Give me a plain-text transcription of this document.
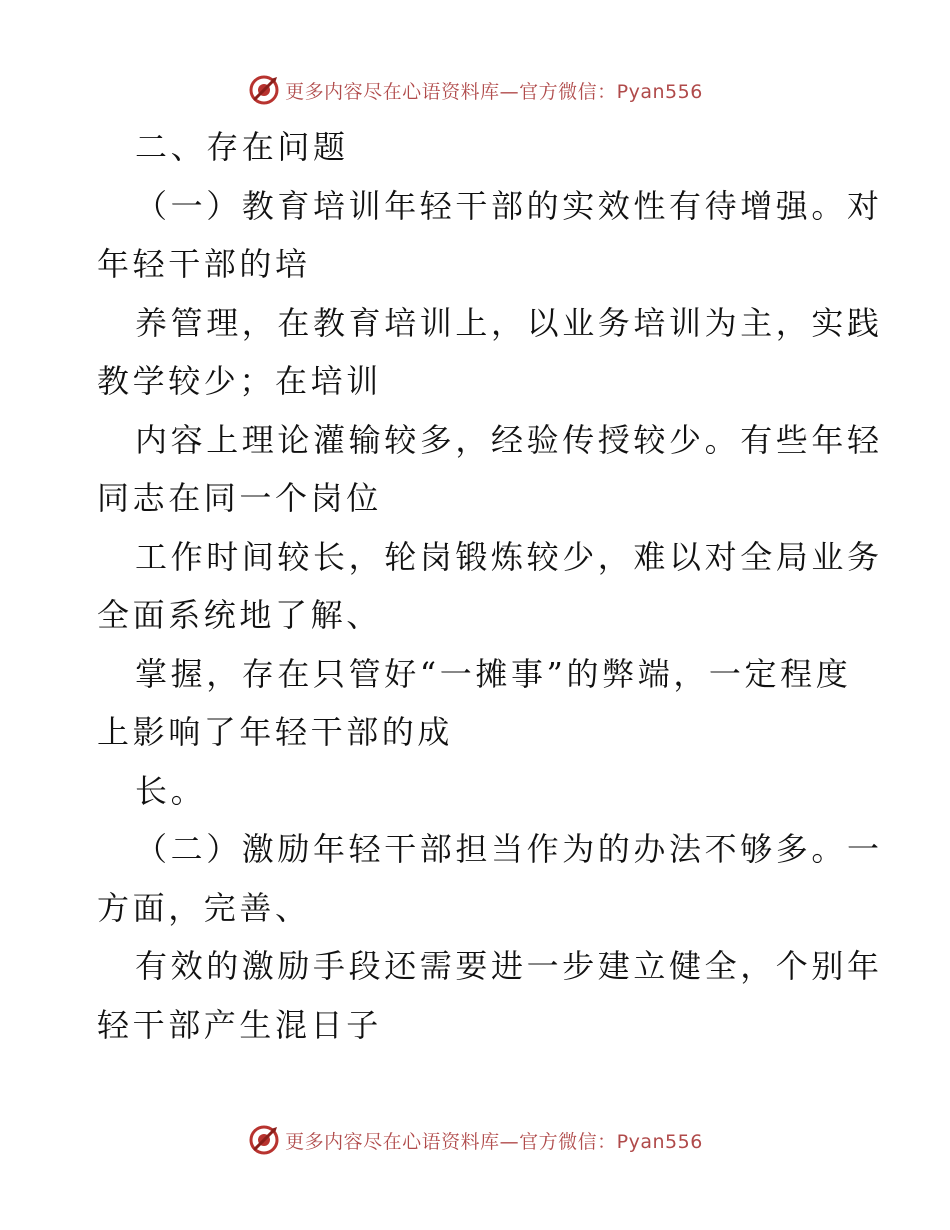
更多内容尽在心语资料库—官方微信：Pyan556
二、存在问题
（一）教育培训年轻干部的实效性有待增强。对
年轻干部的培
养管理，在教育培训上，以业务培训为主，实践
教学较少；在培训
内容上理论灌输较多，经验传授较少。有些年轻
同志在同一个岗位
工作时间较长，轮岗锻炼较少，难以对全局业务
全面系统地了解、
掌握，存在只管好“一摊事”的弊端，一定程度
上影响了年轻干部的成
长。
（二）激励年轻干部担当作为的办法不够多。一
方面，完善、
有效的激励手段还需要进一步建立健全，个别年
轻干部产生混日子
更多内容尽在心语资料库—官方微信：Pyan556
